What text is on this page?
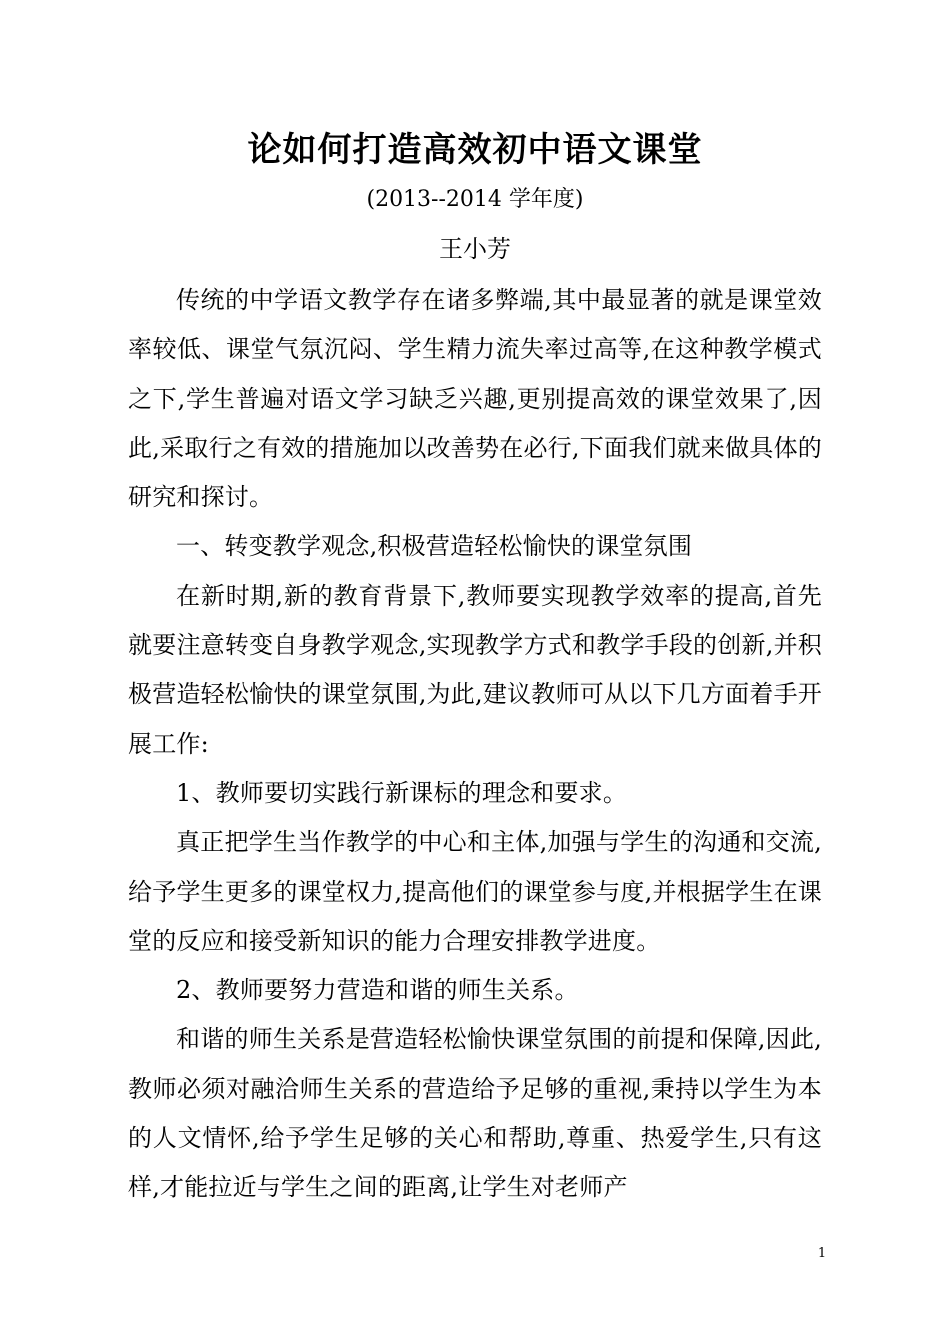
论如何打造高效初中语文课堂
(2013--2014 学年度)
王小芳

传统的中学语文教学存在诸多弊端,其中最显著的就是课堂效率较低、课堂气氛沉闷、学生精力流失率过高等,在这种教学模式之下,学生普遍对语文学习缺乏兴趣,更别提高效的课堂效果了,因此,采取行之有效的措施加以改善势在必行,下面我们就来做具体的研究和探讨。

一、转变教学观念,积极营造轻松愉快的课堂氛围

在新时期,新的教育背景下,教师要实现教学效率的提高,首先就要注意转变自身教学观念,实现教学方式和教学手段的创新,并积极营造轻松愉快的课堂氛围,为此,建议教师可从以下几方面着手开展工作:

1、教师要切实践行新课标的理念和要求。

真正把学生当作教学的中心和主体,加强与学生的沟通和交流,给予学生更多的课堂权力,提高他们的课堂参与度,并根据学生在课堂的反应和接受新知识的能力合理安排教学进度。

2、教师要努力营造和谐的师生关系。

和谐的师生关系是营造轻松愉快课堂氛围的前提和保障,因此,教师必须对融洽师生关系的营造给予足够的重视,秉持以学生为本的人文情怀,给予学生足够的关心和帮助,尊重、热爱学生,只有这样,才能拉近与学生之间的距离,让学生对老师产

1
